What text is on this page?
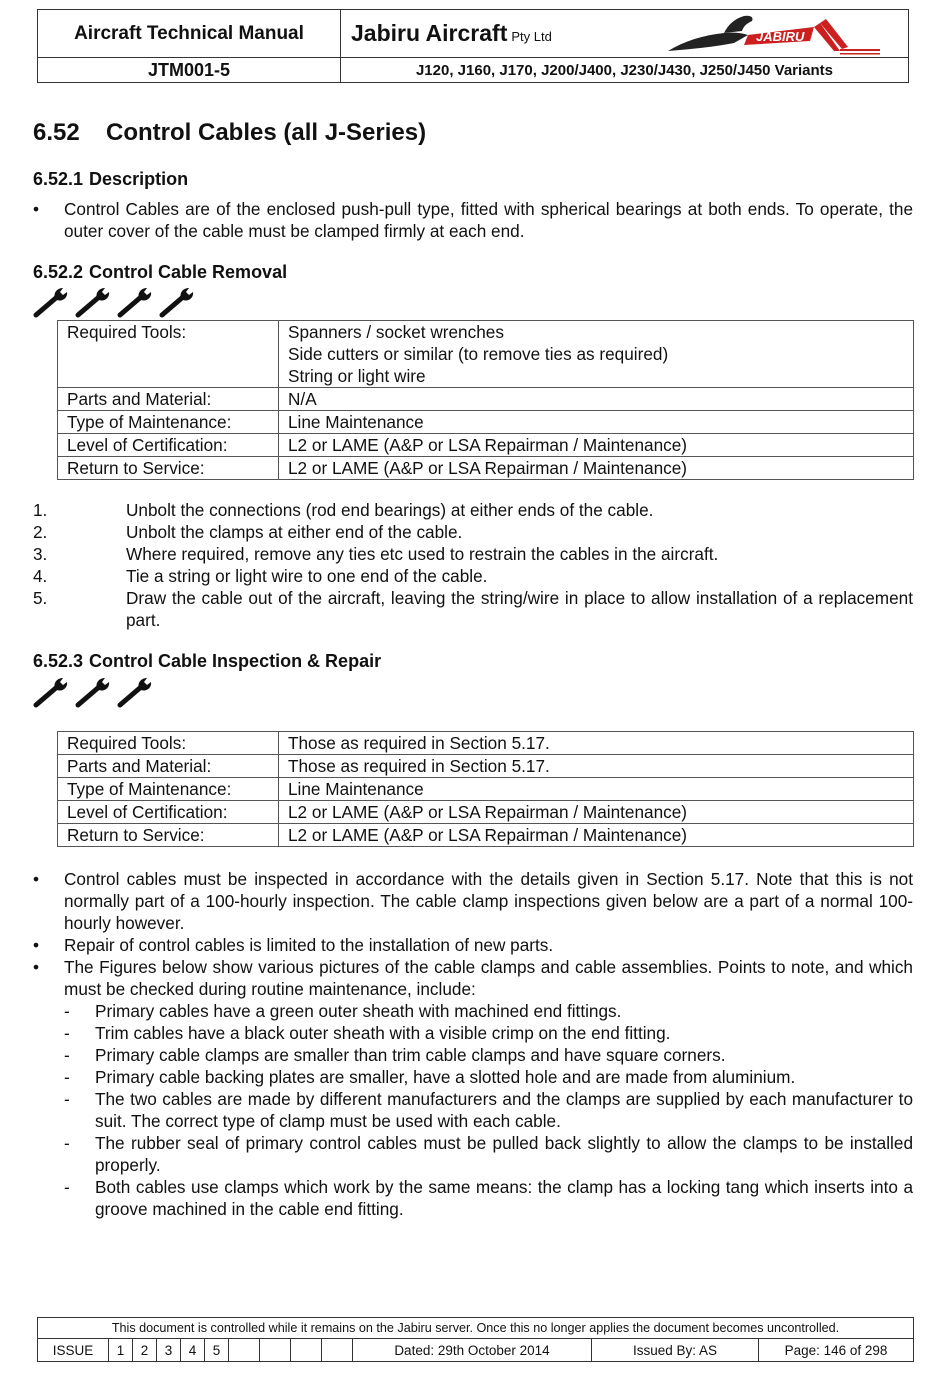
Aircraft Technical Manual	Jabiru Aircraft Pty Ltd JABIRU

JTM001-5	J120, J160, J170, J200/J400, J230/J430, J250/J450 Variants
6.52 Control Cables (all J-Series)
6.52.1 Description
• Control Cables are of the enclosed push-pull type, fitted with spherical bearings at both ends. To operate, the outer cover of the cable must be clamped firmly at each end.
6.52.2 Control Cable Removal
Required Tools:	Spanners / socket wrenches
Side cutters or similar (to remove ties as required)
String or light wire

Parts and Material:	N/A
Type of Maintenance:	Line Maintenance
Level of Certification:	L2 or LAME (A&P or LSA Repairman / Maintenance)
Return to Service:	L2 or LAME (A&P or LSA Repairman / Maintenance)
1.	Unbolt the connections (rod end bearings) at either ends of the cable.
2.	Unbolt the clamps at either end of the cable.
3.	Where required, remove any ties etc used to restrain the cables in the aircraft.
4.	Tie a string or light wire to one end of the cable.
5.	Draw the cable out of the aircraft, leaving the string/wire in place to allow installation of a replacement part.
6.52.3 Control Cable Inspection & Repair
Required Tools:	Those as required in Section 5.17.
Parts and Material:	Those as required in Section 5.17.
Type of Maintenance:	Line Maintenance
Level of Certification:	L2 or LAME (A&P or LSA Repairman / Maintenance)
Return to Service:	L2 or LAME (A&P or LSA Repairman / Maintenance)
• Control cables must be inspected in accordance with the details given in Section 5.17. Note that this is not normally part of a 100-hourly inspection. The cable clamp inspections given below are a part of a normal 100-hourly however.
• Repair of control cables is limited to the installation of new parts.
• The Figures below show various pictures of the cable clamps and cable assemblies. Points to note, and which must be checked during routine maintenance, include:
- Primary cables have a green outer sheath with machined end fittings.
- Trim cables have a black outer sheath with a visible crimp on the end fitting.
- Primary cable clamps are smaller than trim cable clamps and have square corners.
- Primary cable backing plates are smaller, have a slotted hole and are made from aluminium.
- The two cables are made by different manufacturers and the clamps are supplied by each manufacturer to suit. The correct type of clamp must be used with each cable.
- The rubber seal of primary control cables must be pulled back slightly to allow the clamps to be installed properly.
- Both cables use clamps which work by the same means: the clamp has a locking tang which inserts into a groove machined in the cable end fitting.
This document is controlled while it remains on the Jabiru server. Once this no longer applies the document becomes uncontrolled.
ISSUE	1	2	3	4	5					Dated: 29th October 2014	Issued By: AS	Page: 146 of 298
